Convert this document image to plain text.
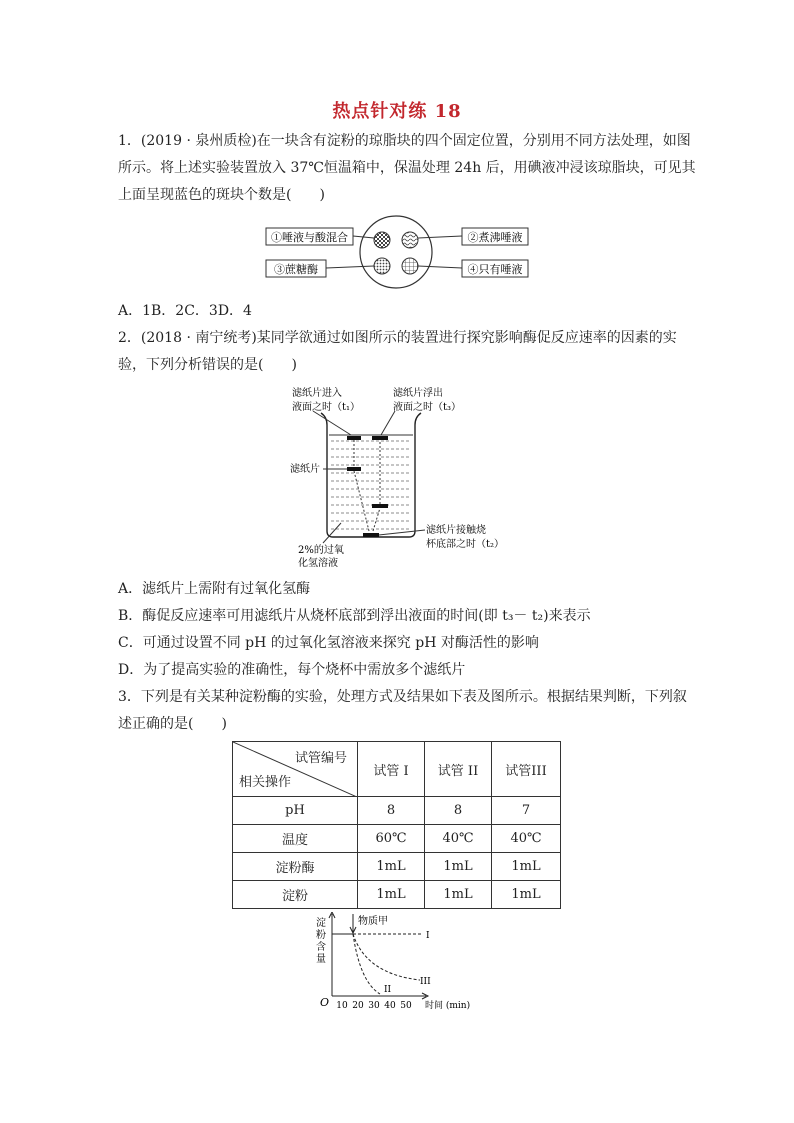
热点针对练 18
1．(2019 · 泉州质检)在一块含有淀粉的琼脂块的四个固定位置，分别用不同方法处理，如图
所示。将上述实验装置放入 37℃恒温箱中，保温处理 24h 后，用碘液冲浸该琼脂块，可见其
上面呈现蓝色的斑块个数是(　　)
①唾液与酸混合	②煮沸唾液
③蔗糖酶	④只有唾液
A．1B．2C．3D．4
2．(2018 · 南宁统考)某同学欲通过如图所示的装置进行探究影响酶促反应速率的因素的实
验，下列分析错误的是(　　)
滤纸片进入
液面之时（t₁）
滤纸片浮出
液面之时（t₃）
滤纸片
2%的过氧
化氢溶液
滤纸片接触烧
杯底部之时（t₂）
A．滤纸片上需附有过氧化氢酶
B．酶促反应速率可用滤纸片从烧杯底部到浮出液面的时间(即 t₃－ t₂)来表示
C．可通过设置不同 pH 的过氧化氢溶液来探究 pH 对酶活性的影响
D．为了提高实验的准确性，每个烧杯中需放多个滤纸片
3．下列是有关某种淀粉酶的实验，处理方式及结果如下表及图所示。根据结果判断，下列叙
述正确的是(　　)
试管编号
相关操作	试管 I	试管 II	试管III
pH	8	8	7
温度	60℃	40℃	40℃
淀粉酶	1mL	1mL	1mL
淀粉	1mL	1mL	1mL
淀
粉
含
量
O 10 20 30 40 50 时间 (min)
物质甲
I
II
III
